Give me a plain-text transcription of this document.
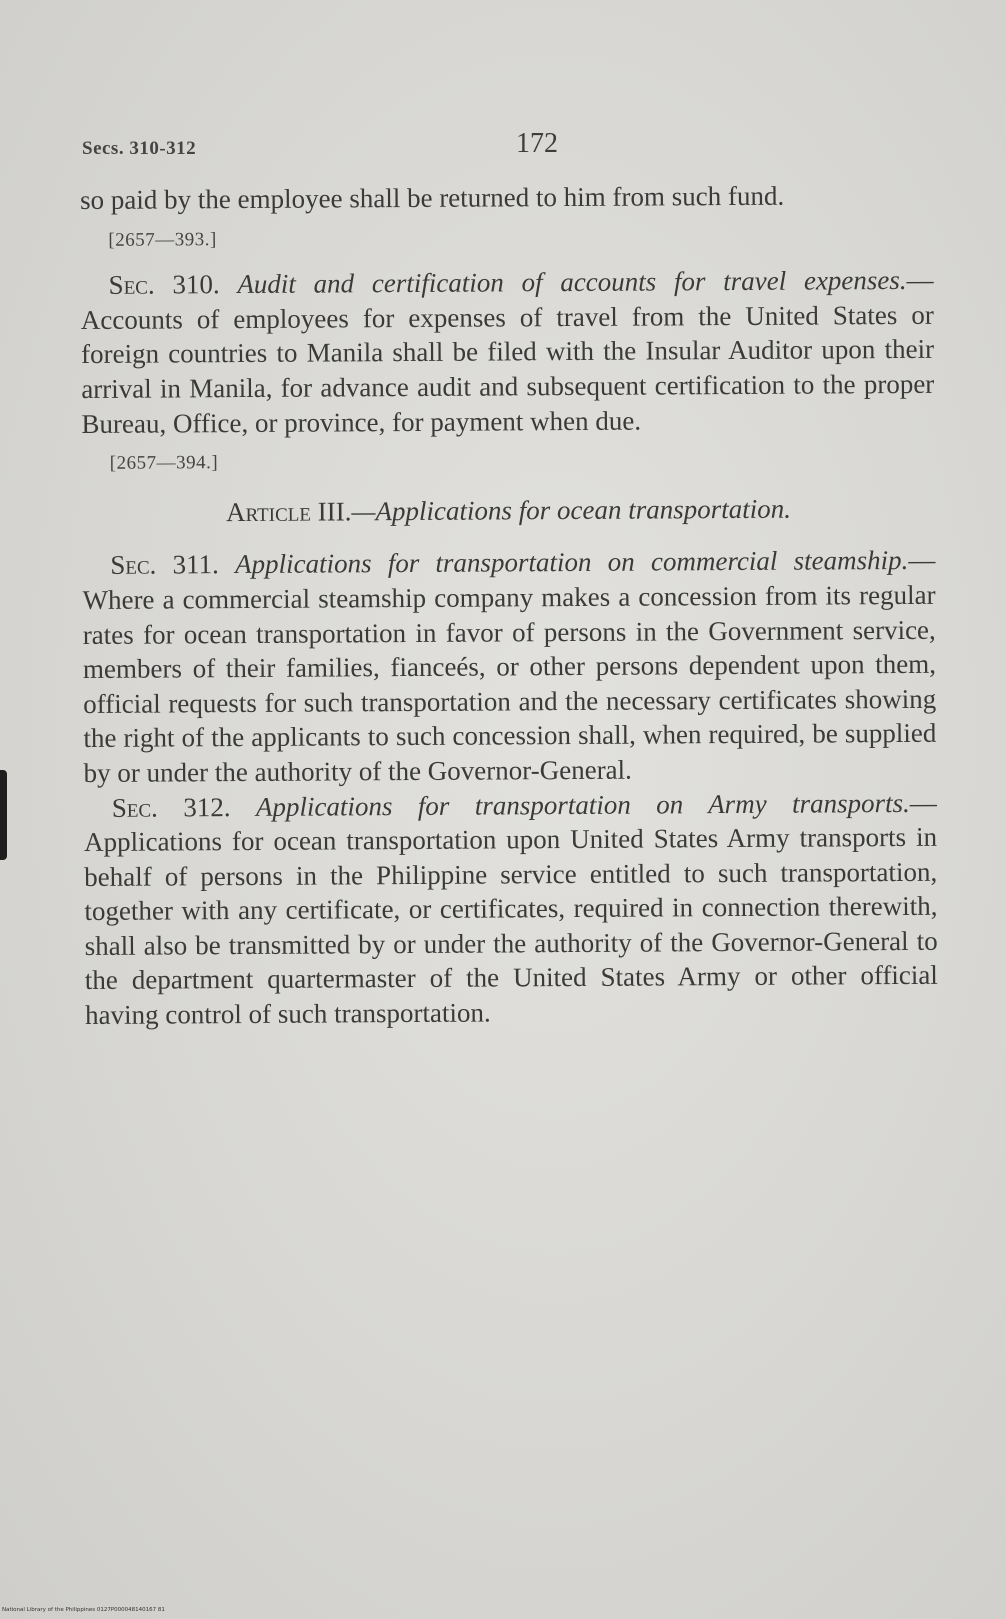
Secs. 310-312	172

so paid by the employee shall be returned to him from such fund.

[2657—393.]

Sec. 310. Audit and certification of accounts for travel expenses.—Accounts of employees for expenses of travel from the United States or foreign countries to Manila shall be filed with the Insular Auditor upon their arrival in Manila, for advance audit and subsequent certification to the proper Bureau, Office, or province, for payment when due.

[2657—394.]

Article III.—Applications for ocean transportation.

Sec. 311. Applications for transportation on commercial steamship.—Where a commercial steamship company makes a concession from its regular rates for ocean transportation in favor of persons in the Government service, members of their families, fianceés, or other persons dependent upon them, official requests for such transportation and the necessary certificates showing the right of the applicants to such concession shall, when required, be supplied by or under the authority of the Governor-General.

Sec. 312. Applications for transportation on Army transports.—Applications for ocean transportation upon United States Army transports in behalf of persons in the Philippine service entitled to such transportation, together with any certificate, or certificates, required in connection therewith, shall also be transmitted by or under the authority of the Governor-General to the department quartermaster of the United States Army or other official having control of such transportation.

National Library of the Philippines 0127P000048140167 81
